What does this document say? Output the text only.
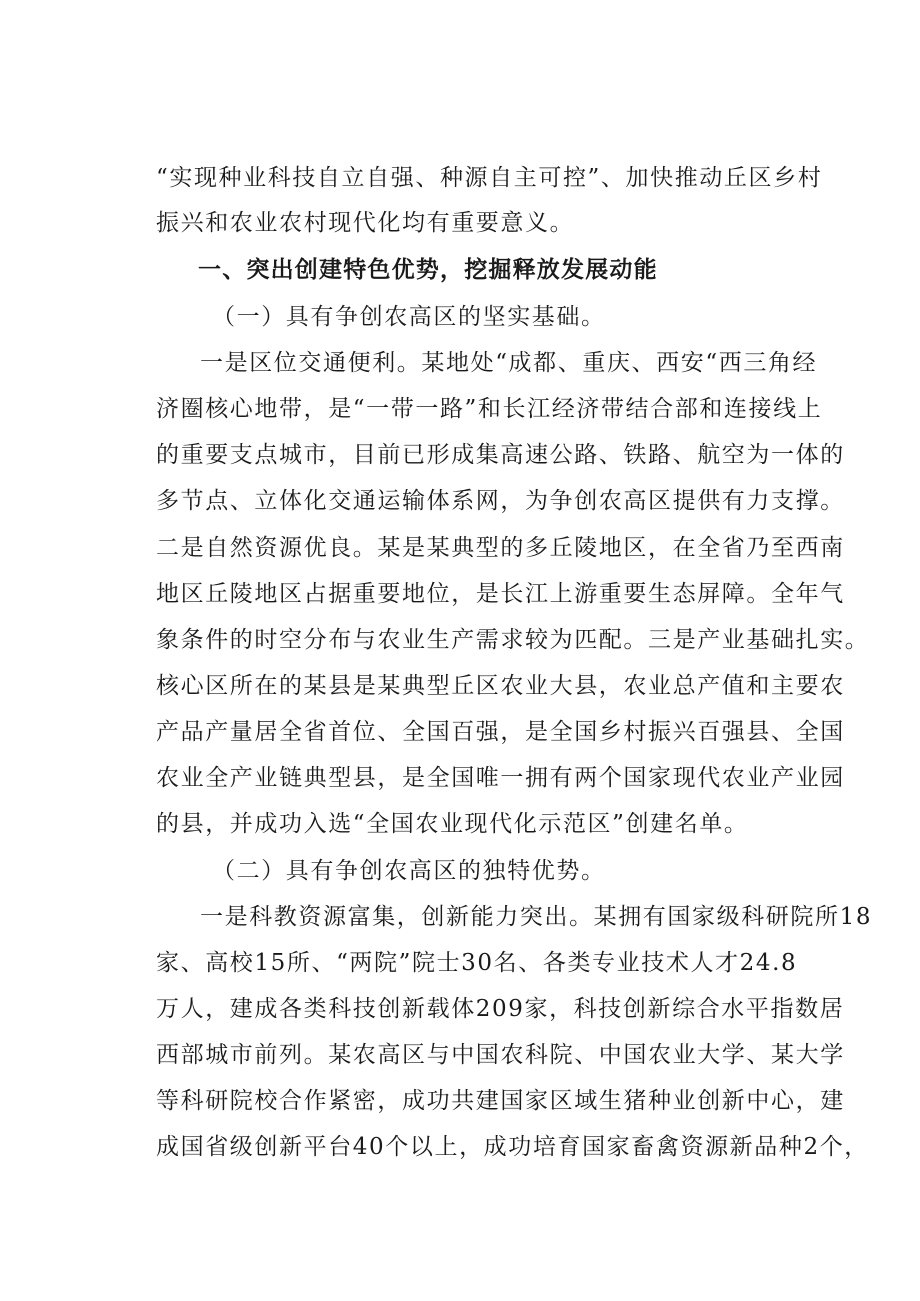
“实现种业科技自立自强、种源自主可控”、加快推动丘区乡村
振兴和农业农村现代化均有重要意义。
一、突出创建特色优势，挖掘释放发展动能
（一）具有争创农高区的坚实基础。
一是区位交通便利。某地处“成都、重庆、西安“西三角经
济圈核心地带，是“一带一路”和长江经济带结合部和连接线上
的重要支点城市，目前已形成集高速公路、铁路、航空为一体的
多节点、立体化交通运输体系网，为争创农高区提供有力支撑。
二是自然资源优良。某是某典型的多丘陵地区，在全省乃至西南
地区丘陵地区占据重要地位，是长江上游重要生态屏障。全年气
象条件的时空分布与农业生产需求较为匹配。三是产业基础扎实。
核心区所在的某县是某典型丘区农业大县，农业总产值和主要农
产品产量居全省首位、全国百强，是全国乡村振兴百强县、全国
农业全产业链典型县，是全国唯一拥有两个国家现代农业产业园
的县，并成功入选“全国农业现代化示范区”创建名单。
（二）具有争创农高区的独特优势。
一是科教资源富集，创新能力突出。某拥有国家级科研院所18
家、高校15所、“两院”院士30名、各类专业技术人才24.8
万人，建成各类科技创新载体209家，科技创新综合水平指数居
西部城市前列。某农高区与中国农科院、中国农业大学、某大学
等科研院校合作紧密，成功共建国家区域生猪种业创新中心，建
成国省级创新平台40个以上，成功培育国家畜禽资源新品种2个，
